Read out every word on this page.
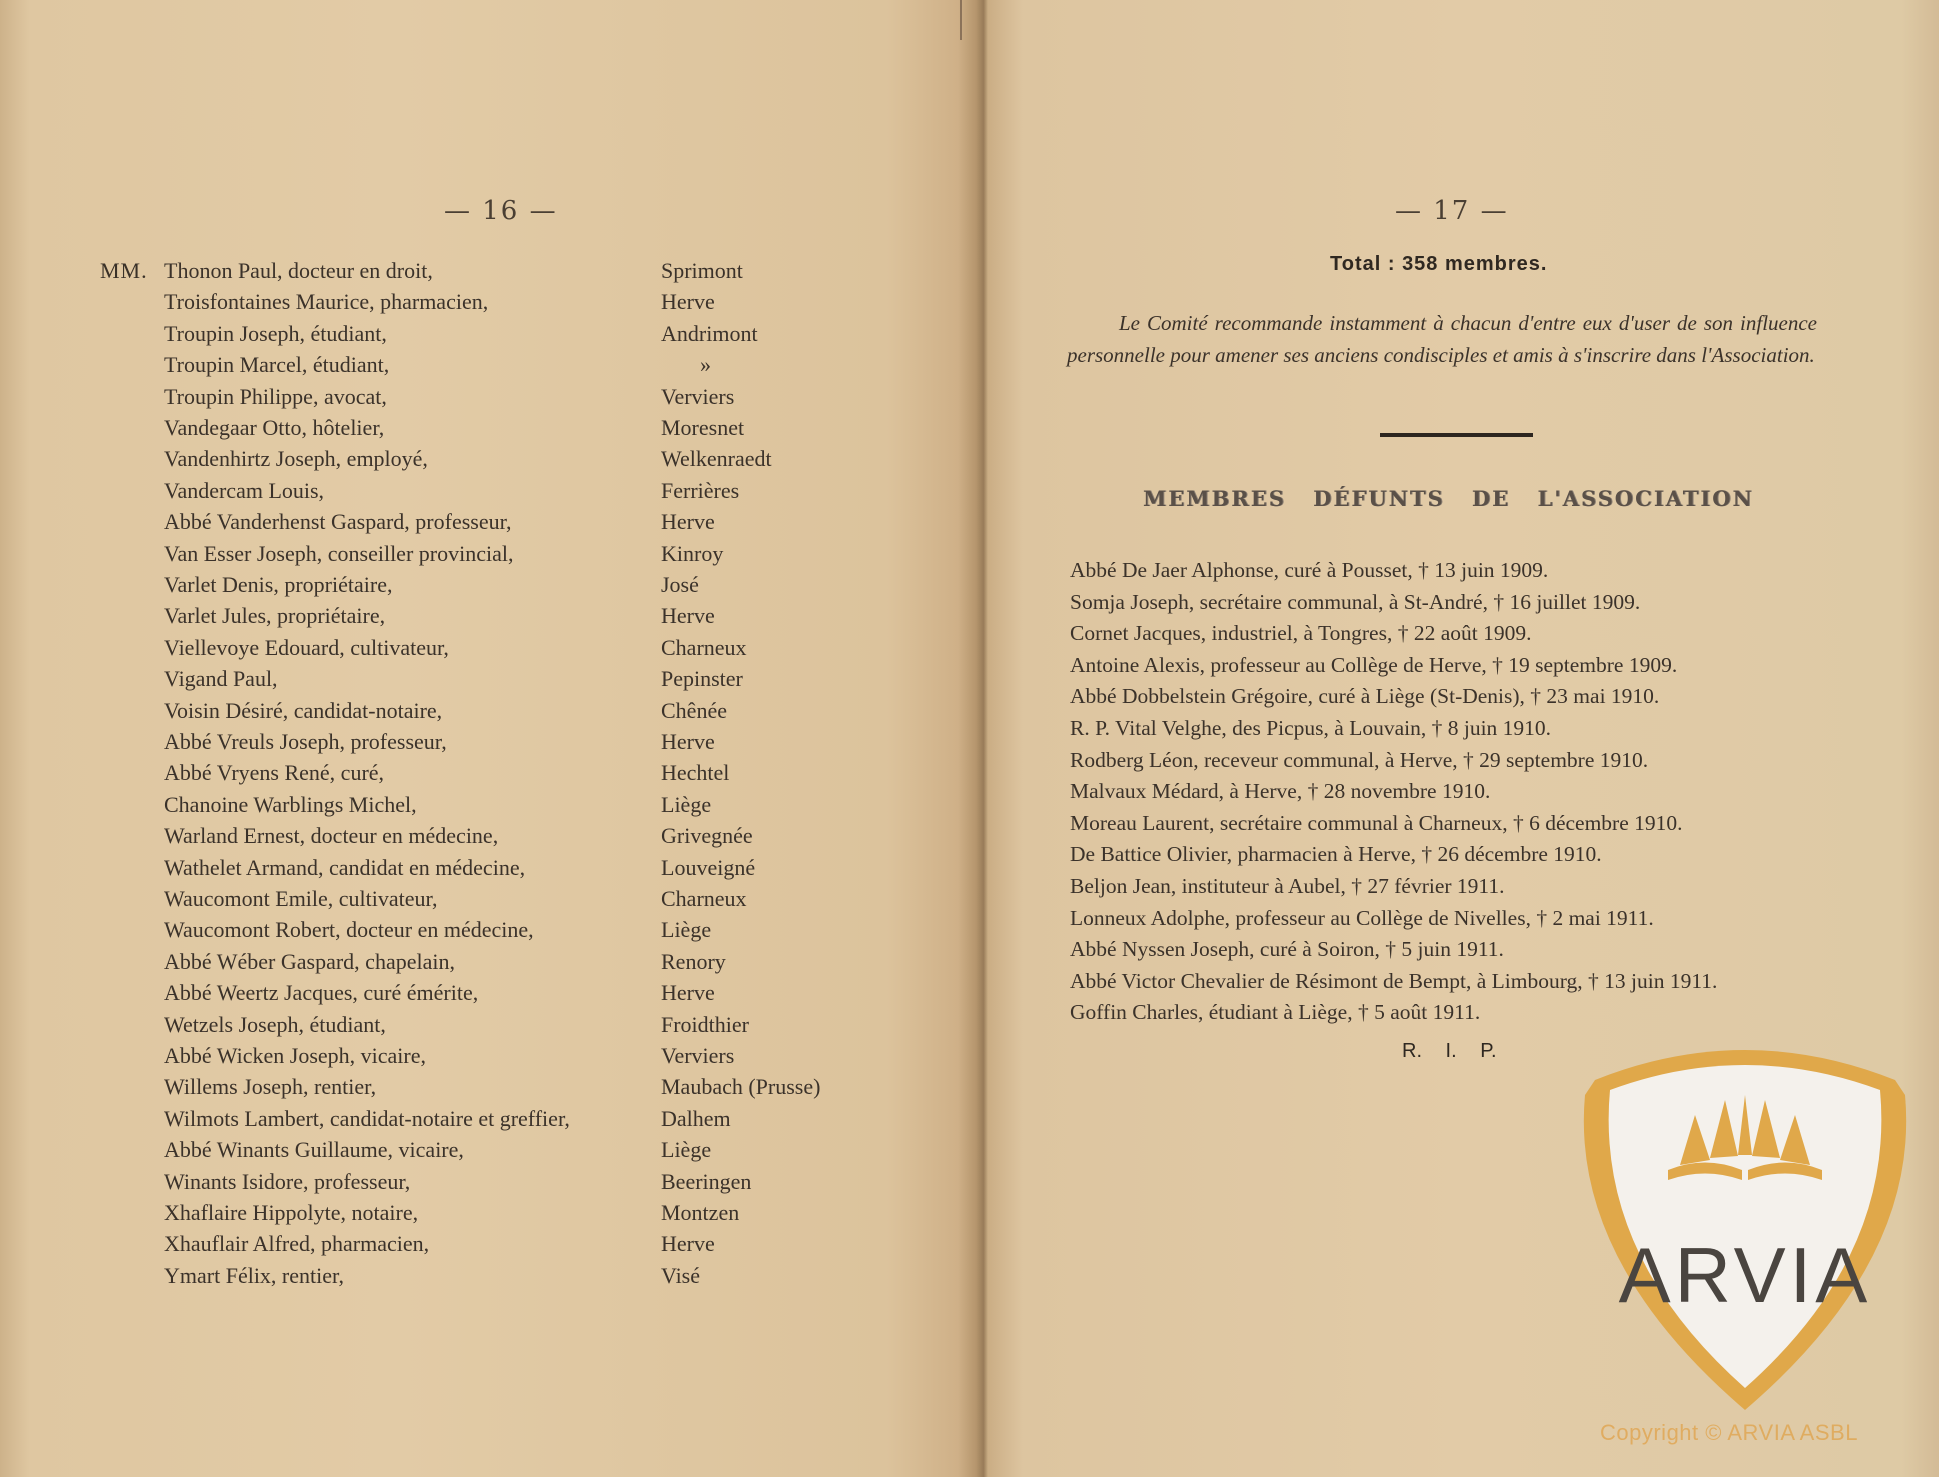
— 16 —
MM. Thonon Paul, docteur en droit,	Sprimont
Troisfontaines Maurice, pharmacien,	Herve
Troupin Joseph, étudiant,	Andrimont
Troupin Marcel, étudiant,	»
Troupin Philippe, avocat,	Verviers
Vandegaar Otto, hôtelier,	Moresnet
Vandenhirtz Joseph, employé,	Welkenraedt
Vandercam Louis,	Ferrières
Abbé Vanderhenst Gaspard, professeur,	Herve
Van Esser Joseph, conseiller provincial,	Kinroy
Varlet Denis, propriétaire,	José
Varlet Jules, propriétaire,	Herve
Viellevoye Edouard, cultivateur,	Charneux
Vigand Paul,	Pepinster
Voisin Désiré, candidat-notaire,	Chênée
Abbé Vreuls Joseph, professeur,	Herve
Abbé Vryens René, curé,	Hechtel
Chanoine Warblings Michel,	Liège
Warland Ernest, docteur en médecine,	Grivegnée
Wathelet Armand, candidat en médecine,	Louveigné
Waucomont Emile, cultivateur,	Charneux
Waucomont Robert, docteur en médecine,	Liège
Abbé Wéber Gaspard, chapelain,	Renory
Abbé Weertz Jacques, curé émérite,	Herve
Wetzels Joseph, étudiant,	Froidthier
Abbé Wicken Joseph, vicaire,	Verviers
Willems Joseph, rentier,	Maubach (Prusse)
Wilmots Lambert, candidat-notaire et greffier,	Dalhem
Abbé Winants Guillaume, vicaire,	Liège
Winants Isidore, professeur,	Beeringen
Xhaflaire Hippolyte, notaire,	Montzen
Xhauflair Alfred, pharmacien,	Herve
Ymart Félix, rentier,	Visé
— 17 —
Total : 358 membres.
Le Comité recommande instamment à chacun d'entre eux d'user de son influence personnelle pour amener ses anciens condisciples et amis à s'inscrire dans l'Association.
MEMBRES DÉFUNTS DE L'ASSOCIATION
Abbé De Jaer Alphonse, curé à Pousset, † 13 juin 1909.
Somja Joseph, secrétaire communal, à St-André, † 16 juillet 1909.
Cornet Jacques, industriel, à Tongres, † 22 août 1909.
Antoine Alexis, professeur au Collège de Herve, † 19 septembre 1909.
Abbé Dobbelstein Grégoire, curé à Liège (St-Denis), † 23 mai 1910.
R. P. Vital Velghe, des Picpus, à Louvain, † 8 juin 1910.
Rodberg Léon, receveur communal, à Herve, † 29 septembre 1910.
Malvaux Médard, à Herve, † 28 novembre 1910.
Moreau Laurent, secrétaire communal à Charneux, † 6 décembre 1910.
De Battice Olivier, pharmacien à Herve, † 26 décembre 1910.
Beljon Jean, instituteur à Aubel, † 27 février 1911.
Lonneux Adolphe, professeur au Collège de Nivelles, † 2 mai 1911.
Abbé Nyssen Joseph, curé à Soiron, † 5 juin 1911.
Abbé Victor Chevalier de Résimont de Bempt, à Limbourg, † 13 juin 1911.
Goffin Charles, étudiant à Liège, † 5 août 1911.
R. I. P.
ARVIA
Copyright © ARVIA ASBL
